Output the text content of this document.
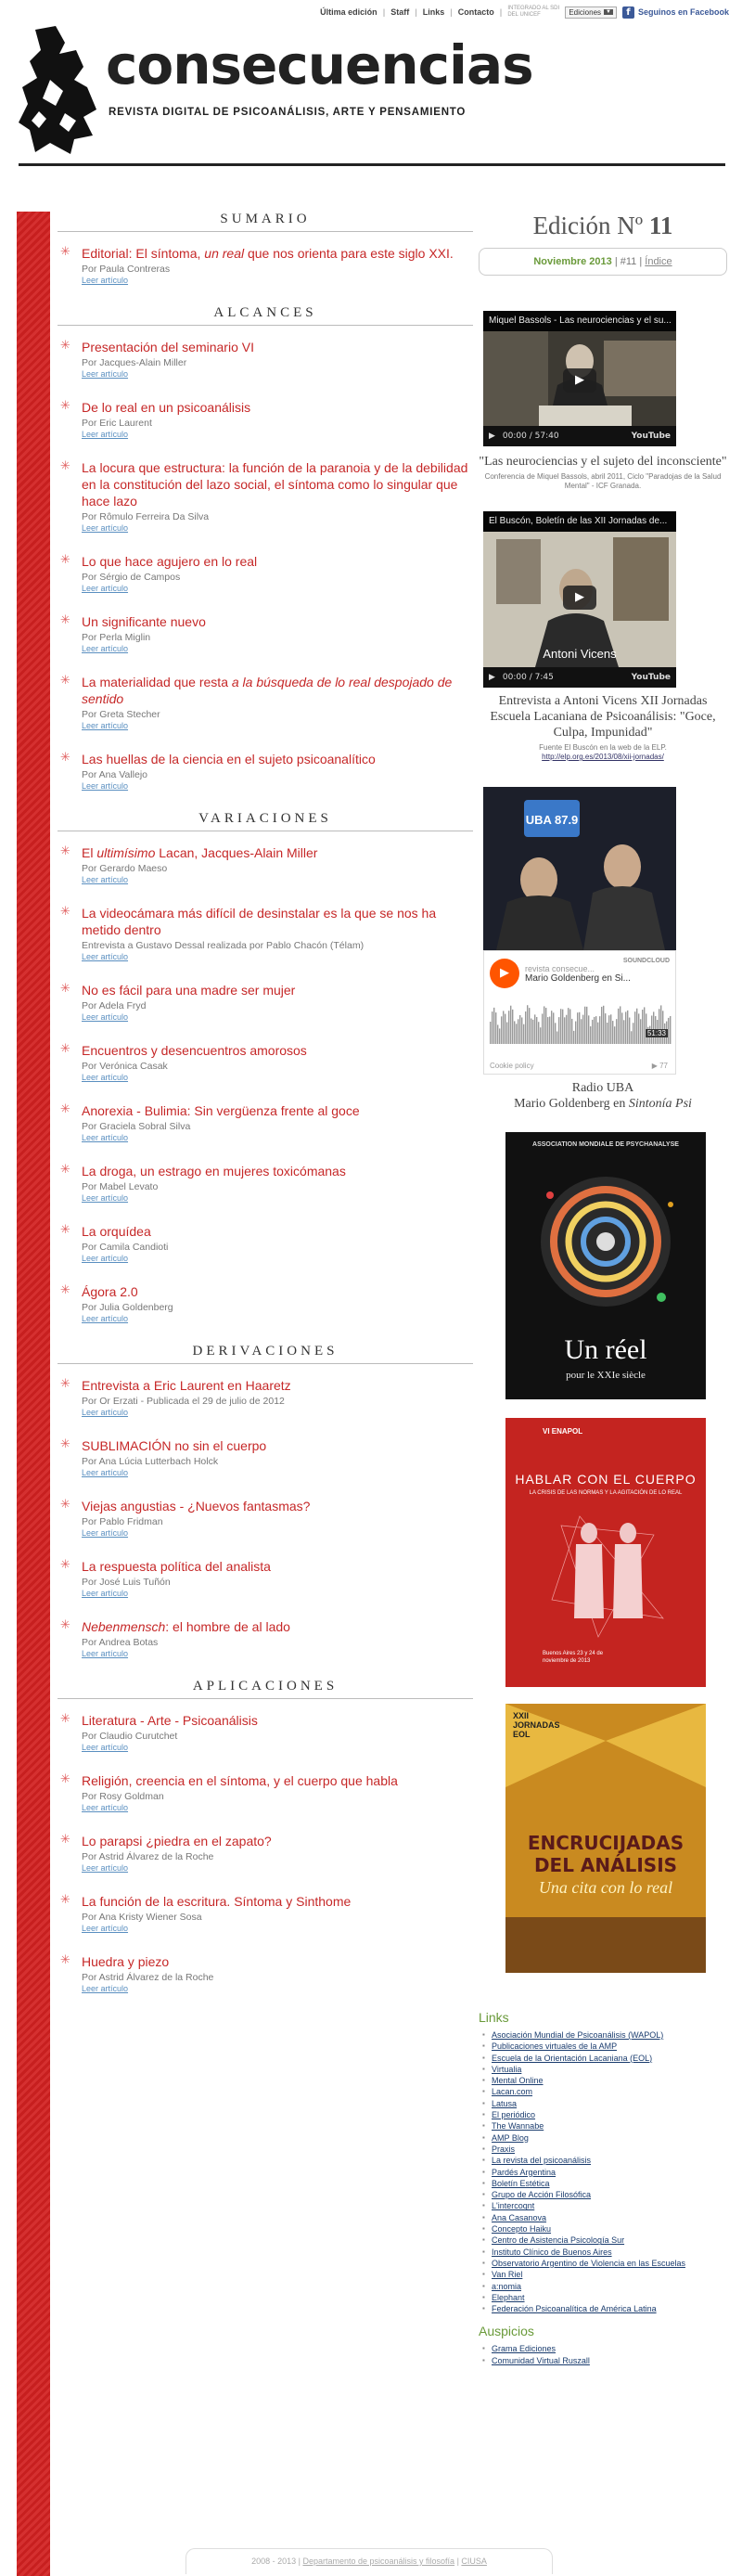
Última edición | Staff | Links | Contacto | INTEGRADO AL SDI DEL UNICEF	Ediciones ▼	f Seguinos en Facebook
consecuencias
REVISTA DIGITAL DE PSICOANÁLISIS, ARTE Y PENSAMIENTO
SUMARIO
✳ Editorial: El síntoma, un real que nos orienta para este siglo XXI.
Por Paula Contreras
Leer artículo
ALCANCES
✳ Presentación del seminario VI
Por Jacques-Alain Miller
Leer artículo
✳ De lo real en un psicoanálisis
Por Eric Laurent
Leer artículo
✳ La locura que estructura: la función de la paranoia y de la debilidad en la constitución del lazo social, el síntoma como lo singular que hace lazo
Por Rômulo Ferreira Da Silva
Leer artículo
✳ Lo que hace agujero en lo real
Por Sérgio de Campos
Leer artículo
✳ Un significante nuevo
Por Perla Miglin
Leer artículo
✳ La materialidad que resta a la búsqueda de lo real despojado de sentido
Por Greta Stecher
Leer artículo
✳ Las huellas de la ciencia en el sujeto psicoanalítico
Por Ana Vallejo
Leer artículo
VARIACIONES
✳ El ultimísimo Lacan, Jacques-Alain Miller
Por Gerardo Maeso
Leer artículo
✳ La videocámara más difícil de desinstalar es la que se nos ha metido dentro
Entrevista a Gustavo Dessal realizada por Pablo Chacón (Télam)
Leer artículo
✳ No es fácil para una madre ser mujer
Por Adela Fryd
Leer artículo
✳ Encuentros y desencuentros amorosos
Por Verónica Casak
Leer artículo
✳ Anorexia - Bulimia: Sin vergüenza frente al goce
Por Graciela Sobral Silva
Leer artículo
✳ La droga, un estrago en mujeres toxicómanas
Por Mabel Levato
Leer artículo
✳ La orquídea
Por Camila Candioti
Leer artículo
✳ Ágora 2.0
Por Julia Goldenberg
Leer artículo
DERIVACIONES
✳ Entrevista a Eric Laurent en Haaretz
Por Or Erzati - Publicada el 29 de julio de 2012
Leer artículo
✳ SUBLIMACIÓN no sin el cuerpo
Por Ana Lúcia Lutterbach Holck
Leer artículo
✳ Viejas angustias - ¿Nuevos fantasmas?
Por Pablo Fridman
Leer artículo
✳ La respuesta política del analista
Por José Luis Tuñón
Leer artículo
✳ Nebenmensch: el hombre de al lado
Por Andrea Botas
Leer artículo
APLICACIONES
✳ Literatura - Arte - Psicoanálisis
Por Claudio Curutchet
Leer artículo
✳ Religión, creencia en el síntoma, y el cuerpo que habla
Por Rosy Goldman
Leer artículo
✳ Lo parapsi ¿piedra en el zapato?
Por Astrid Álvarez de la Roche
Leer artículo
✳ La función de la escritura. Síntoma y Sinthome
Por Ana Kristy Wiener Sosa
Leer artículo
✳ Huedra y piezo
Por Astrid Álvarez de la Roche
Leer artículo
Edición Nº 11
Noviembre 2013 | #11 | Índice
Miquel Bassols - Las neurociencias y el su...
▶
▶ 00:00 / 57:40	YouTube
"Las neurociencias y el sujeto del inconsciente"
Conferencia de Miquel Bassols, abril 2011, Ciclo "Paradojas de la Salud Mental" - ICF Granada.
El Buscón, Boletín de las XII Jornadas de...
▶
Antoni Vicens
▶ 00:00 / 7:45	YouTube
Entrevista a Antoni Vicens XII Jornadas Escuela Lacaniana de Psicoanálisis: "Goce, Culpa, Impunidad"
Fuente El Buscón en la web de la ELP.
http://elp.org.es/2013/08/xii-jornadas/
UBA 87.9
▶	revista consecue...
Mario Goldenberg en Si...
SOUNDCLOUD
51:33
Cookie policy	▶ 77
Radio UBA
Mario Goldenberg en Sintonía Psi
ASSOCIATION MONDIALE DE PSYCHANALYSE
Un réel
pour le XXIe siècle
VI ENAPOL
HABLAR CON EL CUERPO
LA CRISIS DE LAS NORMAS Y LA AGITACIÓN DE LO REAL
Buenos Aires 23 y 24 de noviembre de 2013
XXII JORNADAS EOL
ENCRUCIJADAS
DEL ANÁLISIS
Una cita con lo real
Links
▪ Asociación Mundial de Psicoanálisis (WAPOL)
▪ Publicaciones virtuales de la AMP
▪ Escuela de la Orientación Lacaniana (EOL)
▪ Virtualia
▪ Mental Online
▪ Lacan.com
▪ Latusa
▪ El periódico
▪ The Wannabe
▪ AMP Blog
▪ Praxis
▪ La revista del psicoanálisis
▪ Pardés Argentina
▪ Boletín Estética
▪ Grupo de Acción Filosófica
▪ L'intercoqnt
▪ Ana Casanova
▪ Concepto Haiku
▪ Centro de Asistencia Psicología Sur
▪ Instituto Clínico de Buenos Aires
▪ Observatorio Argentino de Violencia en las Escuelas
▪ Van Riel
▪ a:nomia
▪ Elephant
▪ Federación Psicoanalítica de América Latina
Auspicios
▪ Grama Ediciones
▪ Comunidad Virtual Ruszall
2008 - 2013 | Departamento de psicoanálisis y filosofía | CIUSA
